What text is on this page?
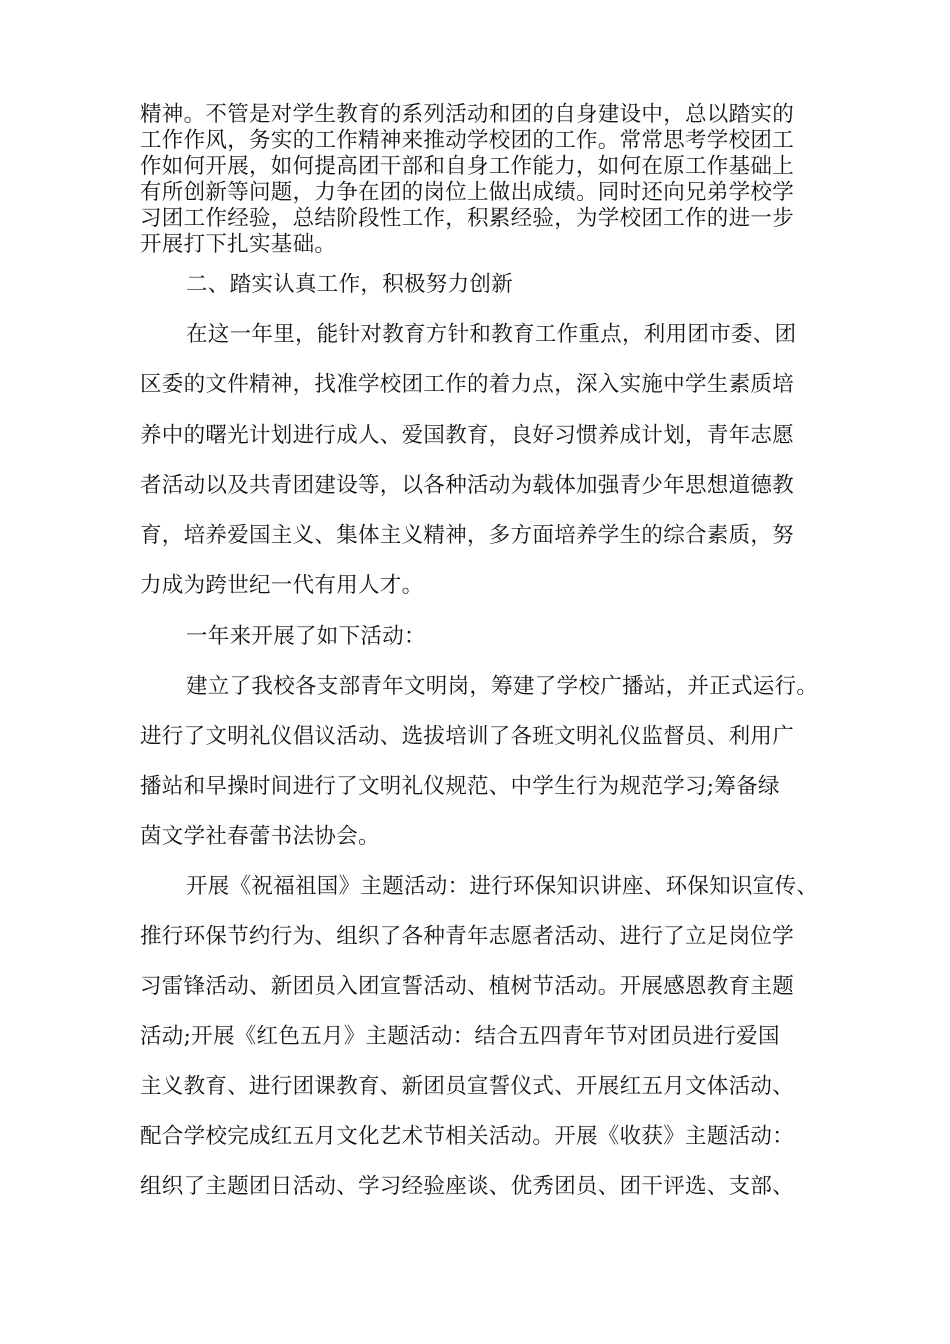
精神。不管是对学生教育的系列活动和团的自身建设中，总以踏实的
工作作风，务实的工作精神来推动学校团的工作。常常思考学校团工
作如何开展，如何提高团干部和自身工作能力，如何在原工作基础上
有所创新等问题，力争在团的岗位上做出成绩。同时还向兄弟学校学
习团工作经验，总结阶段性工作，积累经验，为学校团工作的进一步
开展打下扎实基础。
二、踏实认真工作，积极努力创新
在这一年里，能针对教育方针和教育工作重点，利用团市委、团
区委的文件精神，找准学校团工作的着力点，深入实施中学生素质培
养中的曙光计划进行成人、爱国教育，良好习惯养成计划，青年志愿
者活动以及共青团建设等，以各种活动为载体加强青少年思想道德教
育，培养爱国主义、集体主义精神，多方面培养学生的综合素质，努
力成为跨世纪一代有用人才。
一年来开展了如下活动：
建立了我校各支部青年文明岗，筹建了学校广播站，并正式运行。
进行了文明礼仪倡议活动、选拔培训了各班文明礼仪监督员、利用广
播站和早操时间进行了文明礼仪规范、中学生行为规范学习;筹备绿
茵文学社春蕾书法协会。
开展《祝福祖国》主题活动：进行环保知识讲座、环保知识宣传、
推行环保节约行为、组织了各种青年志愿者活动、进行了立足岗位学
习雷锋活动、新团员入团宣誓活动、植树节活动。开展感恩教育主题
活动;开展《红色五月》主题活动：结合五四青年节对团员进行爱国
主义教育、进行团课教育、新团员宣誓仪式、开展红五月文体活动、
配合学校完成红五月文化艺术节相关活动。开展《收获》主题活动：
组织了主题团日活动、学习经验座谈、优秀团员、团干评选、支部、
